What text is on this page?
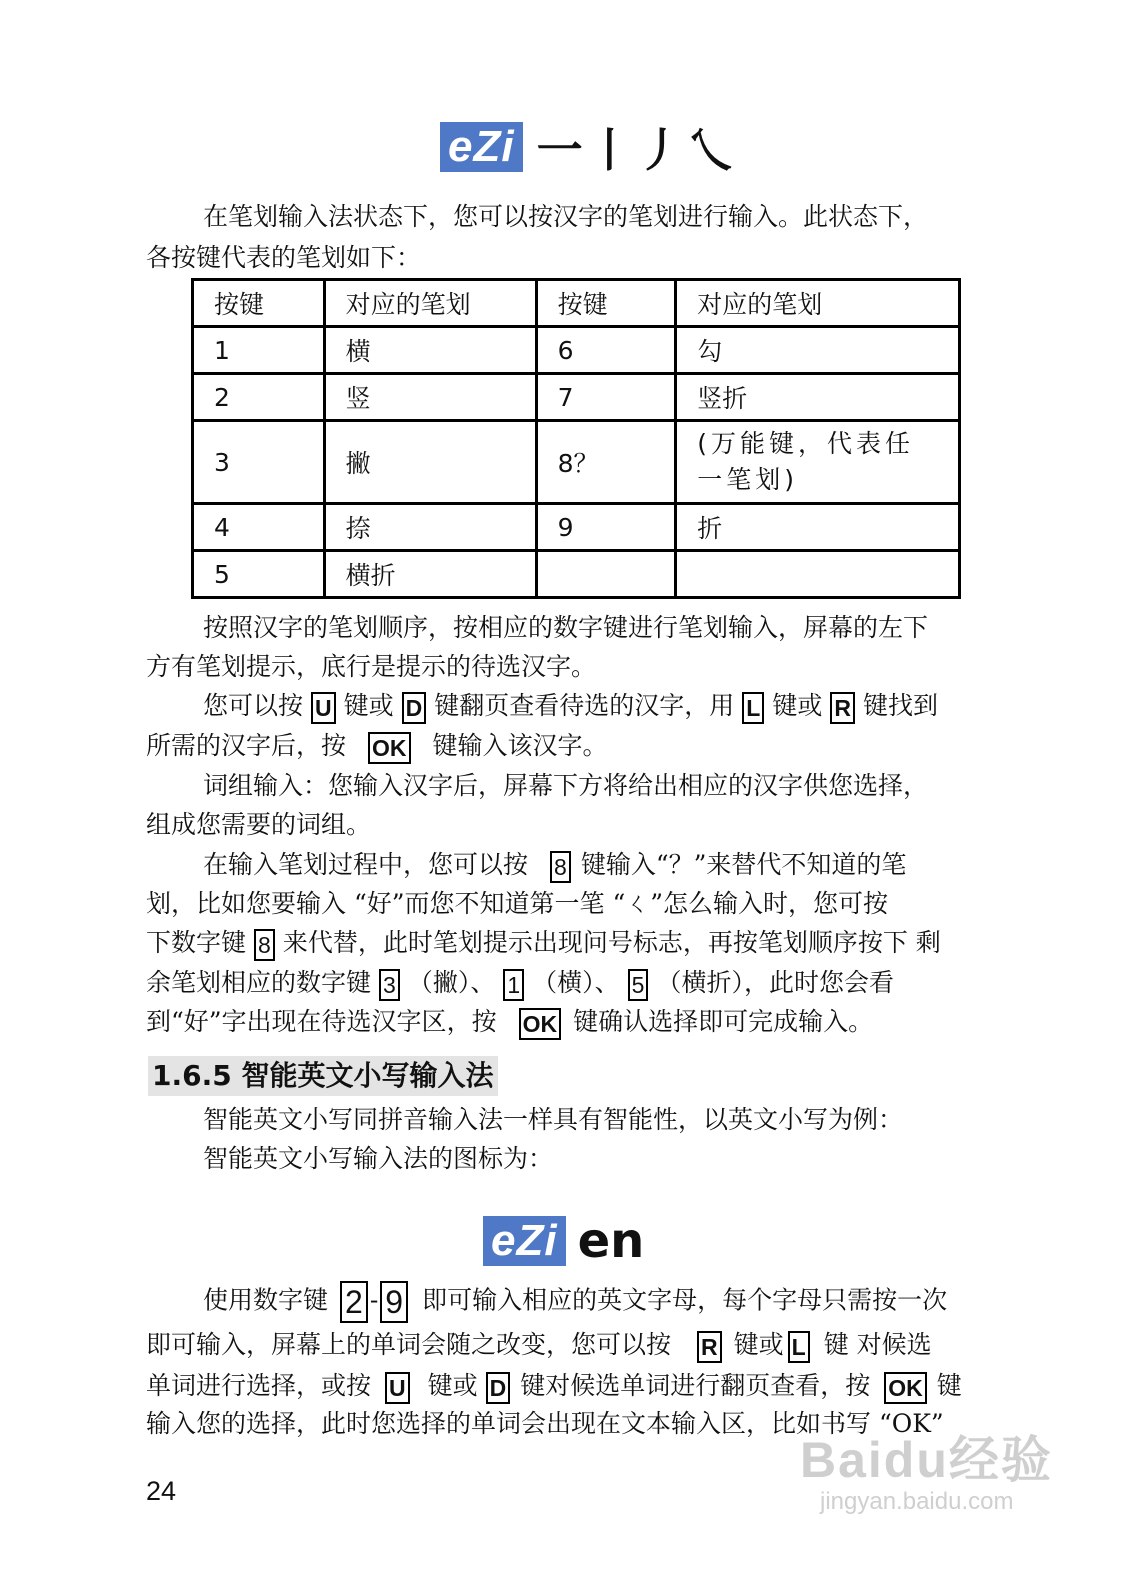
eZi 一丨丿乀
在笔划输入法状态下，您可以按汉字的笔划进行输入。此状态下，
各按键代表的笔划如下：
按键	对应的笔划	按键	对应的笔划
1	横	6	勾
2	竖	7	竖折
3	撇	8？	(万能键，代表任一笔划)
4	捺	9	折
5	横折		
按照汉字的笔划顺序，按相应的数字键进行笔划输入，屏幕的左下
方有笔划提示，底行是提示的待选汉字。
您可以按 U 键或 D 键翻页查看待选的汉字，用 L 键或 R 键找到
所需的汉字后，按 OK 键输入该汉字。
词组输入：您输入汉字后，屏幕下方将给出相应的汉字供您选择，
组成您需要的词组。
在输入笔划过程中，您可以按 8 键输入“？”来替代不知道的笔
划，比如您要输入 “好”而您不知道第一笔 “ㄑ”怎么输入时，您可按
下数字键 8 来代替，此时笔划提示出现问号标志，再按笔划顺序按下 剩
余笔划相应的数字键 3 （撇）、 1 （横）、 5 （横折），此时您会看
到“好”字出现在待选汉字区，按 OK 键确认选择即可完成输入。
1.6.5 智能英文小写输入法
智能英文小写同拼音输入法一样具有智能性，以英文小写为例：
智能英文小写输入法的图标为：
eZi en
使用数字键 2 - 9 即可输入相应的英文字母，每个字母只需按一次
即可输入，屏幕上的单词会随之改变，您可以按 R 键或 L 键 对候选
单词进行选择，或按 U 键或 D 键对候选单词进行翻页查看，按 OK 键
输入您的选择，此时您选择的单词会出现在文本输入区，比如书写 “OK”
24
Baidu经验
jingyan.baidu.com
